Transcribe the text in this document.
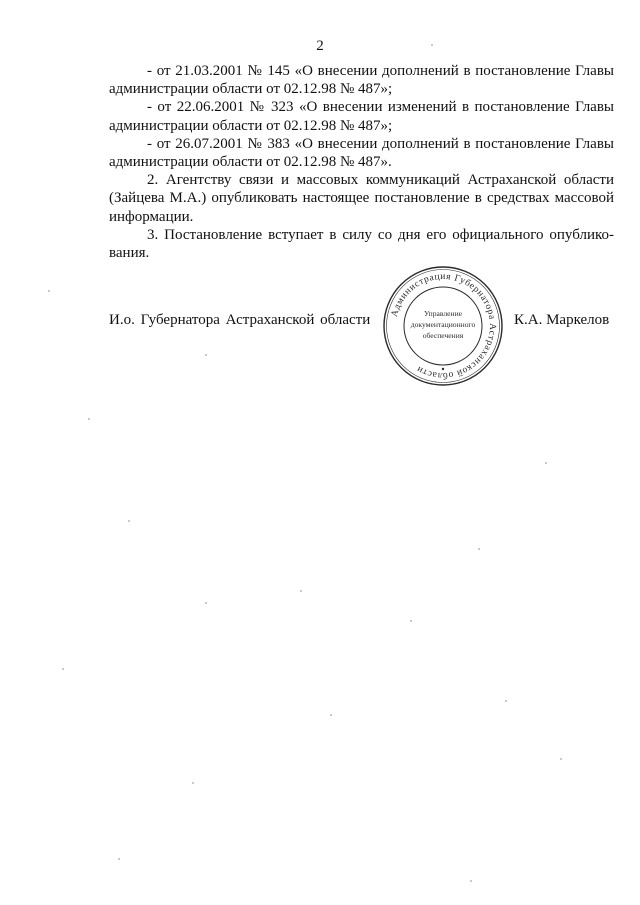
2

- от 21.03.2001 № 145 «О внесении дополнений в постановление Главы администрации области от 02.12.98 № 487»;

- от 22.06.2001 № 323 «О внесении изменений в постановление Главы администрации области от 02.12.98 № 487»;

- от 26.07.2001 № 383 «О внесении дополнений в постановление Главы администрации области от 02.12.98 № 487».

2. Агентству связи и массовых коммуникаций Астраханской области (Зайцева М.А.) опубликовать настоящее постановление в средствах массовой информации.

3. Постановление вступает в силу со дня его официального опублико-вания.

И.о. Губернатора Астраханской области Администрация Губернатора Астраханской области
Управление
документационного
обеспечения
К.А. Маркелов
